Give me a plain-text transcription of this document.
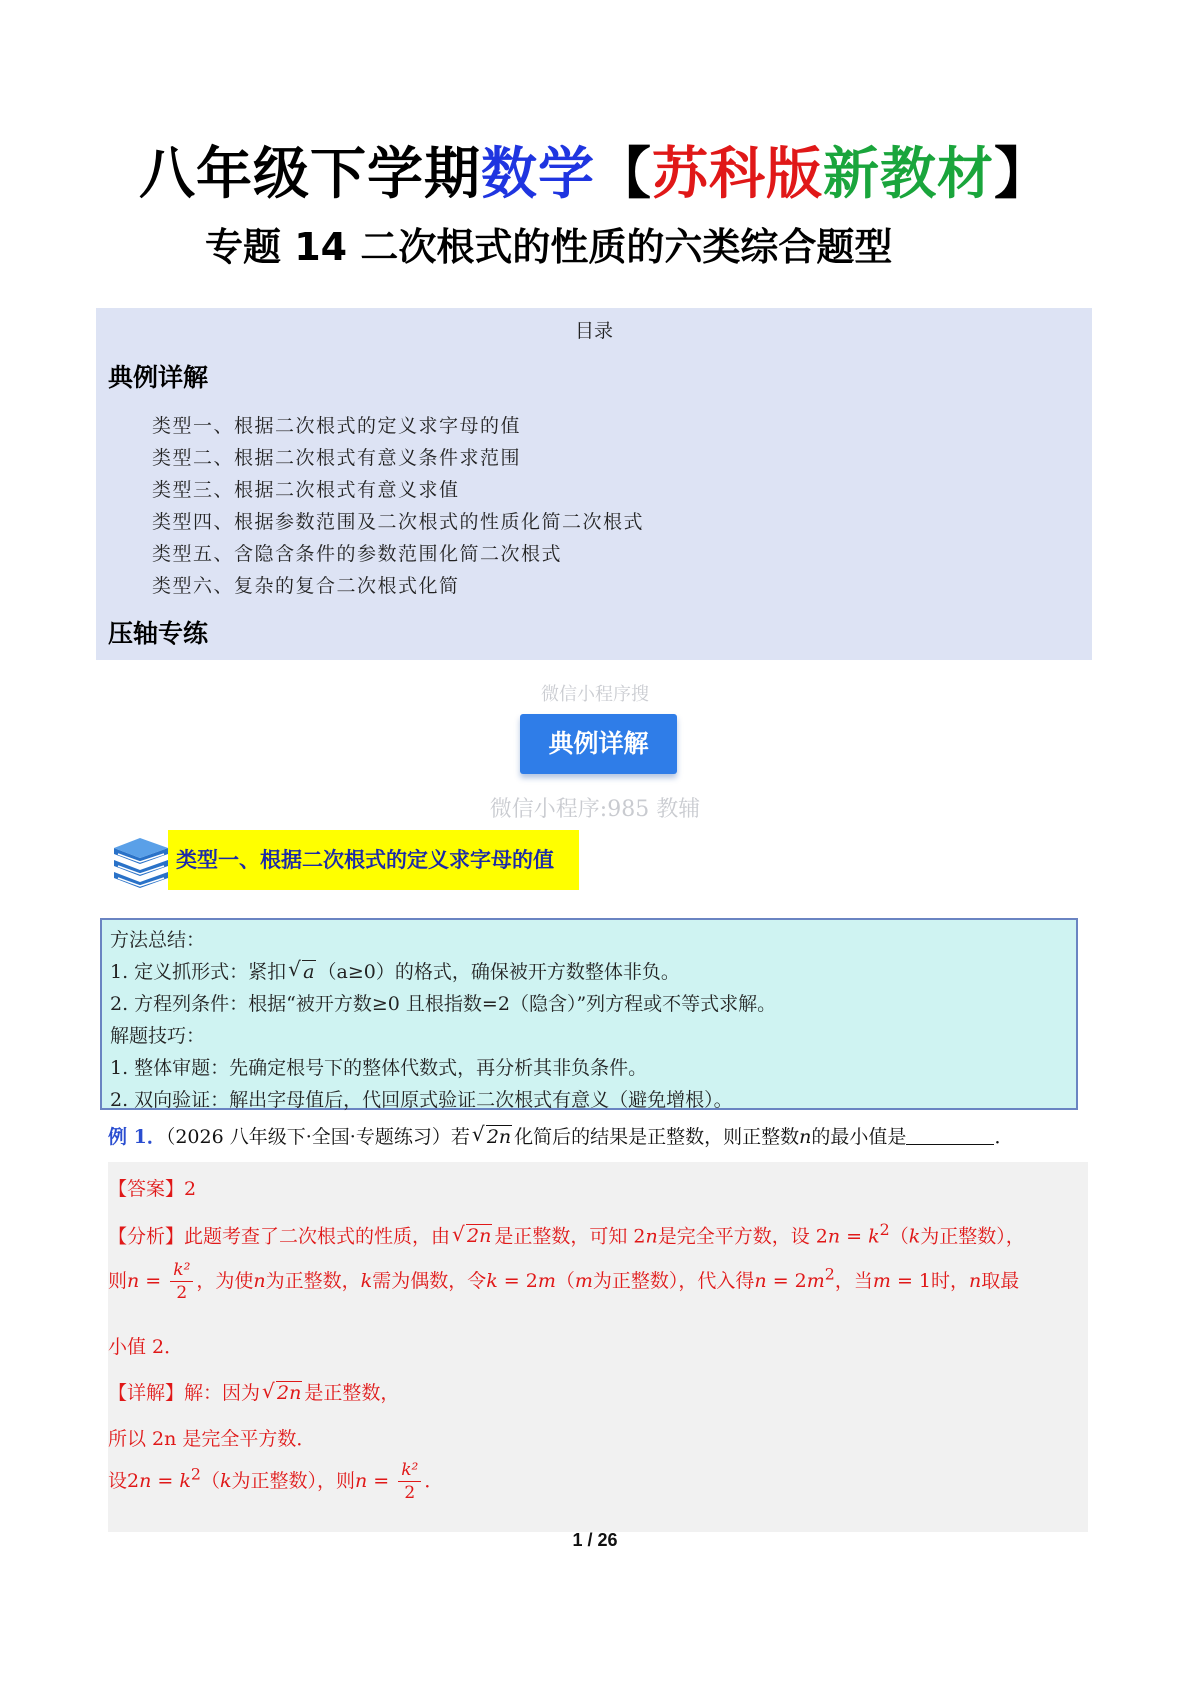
八年级下学期数学【苏科版新教材】
专题 14 二次根式的性质的六类综合题型
目录
典例详解
类型一、根据二次根式的定义求字母的值
类型二、根据二次根式有意义条件求范围
类型三、根据二次根式有意义求值
类型四、根据参数范围及二次根式的性质化简二次根式
类型五、含隐含条件的参数范围化简二次根式
类型六、复杂的复合二次根式化简
压轴专练
微信小程序搜
典例详解
微信小程序:985 教辅
类型一、根据二次根式的定义求字母的值
方法总结：
1. 定义抓形式：紧扣 √ a （a≥0）的格式，确保被开方数整体非负。
2. 方程列条件：根据“被开方数≥0 且根指数=2（隐含）”列方程或不等式求解。
解题技巧：
1. 整体审题：先确定根号下的整体代数式，再分析其非负条件。
2. 双向验证：解出字母值后，代回原式验证二次根式有意义（避免增根）。
例 1．（2026 八年级下·全国·专题练习）若 √ 2n 化简后的结果是正整数，则正整数n的最小值是	．
【答案】2
【分析】此题考查了二次根式的性质，由 √ 2n 是正整数，可知 2n是完全平方数，设 $2n = k^2(k$为正整数），
则$n = \frac{\text{k²}}{2}$ ，为使n为正整数，k需为偶数，令k = 2m（m为正整数），代入得$n = 2m^2$，当m = 1时，n取最
小值 2．
【详解】解：因为 √ 2n 是正整数，
所以 2n 是完全平方数．
设$2n = k^2(k$为正整数），则$n = \frac{\text{k²}}{2}$ ．
1 / 26
